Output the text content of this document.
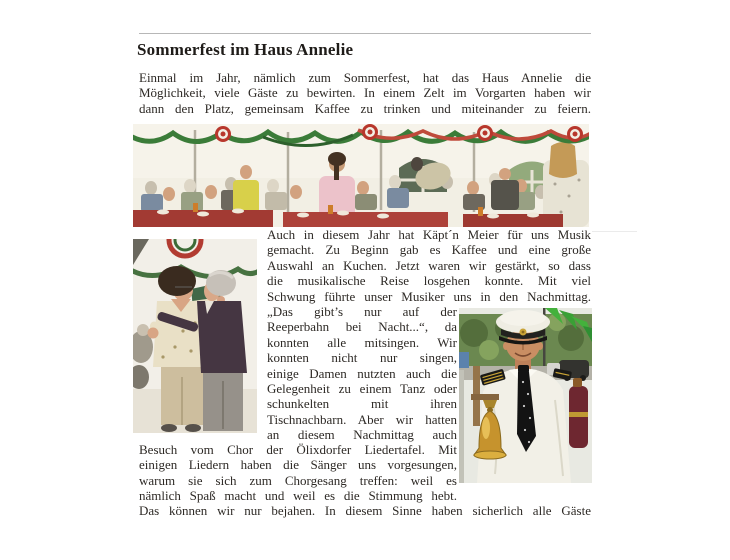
Sommerfest im Haus Annelie
Einmal im Jahr, nämlich zum Sommerfest, hat das Haus Annelie die
Möglichkeit, viele Gäste zu bewirten. In einem Zelt im Vorgarten haben wir
dann den Platz, gemeinsam Kaffee zu trinken und miteinander zu feiern.
Auch in diesem Jahr hat Käpt´n Meier für uns Musik
gemacht. Zu Beginn gab es Kaffee und eine große
Auswahl an Kuchen. Jetzt waren wir gestärkt, so dass
die musikalische Reise losgehen konnte. Mit viel
Schwung führte unser Musiker uns in den Nachmittag.
„Das gibt’s nur auf der
Reeperbahn bei Nacht...“, da
konnten alle mitsingen. Wir
konnten nicht nur singen,
einige Damen nutzten auch die
Gelegenheit zu einem Tanz oder
schunkelten mit ihren
Tischnachbarn. Aber wir hatten
an diesem Nachmittag auch
Besuch vom Chor der Ölixdorfer Liedertafel. Mit
einigen Liedern haben die Sänger uns vorgesungen,
warum sie sich zum Chorgesang treffen: weil es
nämlich Spaß macht und weil es die Stimmung hebt.
Das können wir nur bejahen. In diesem Sinne haben sicherlich alle Gäste
